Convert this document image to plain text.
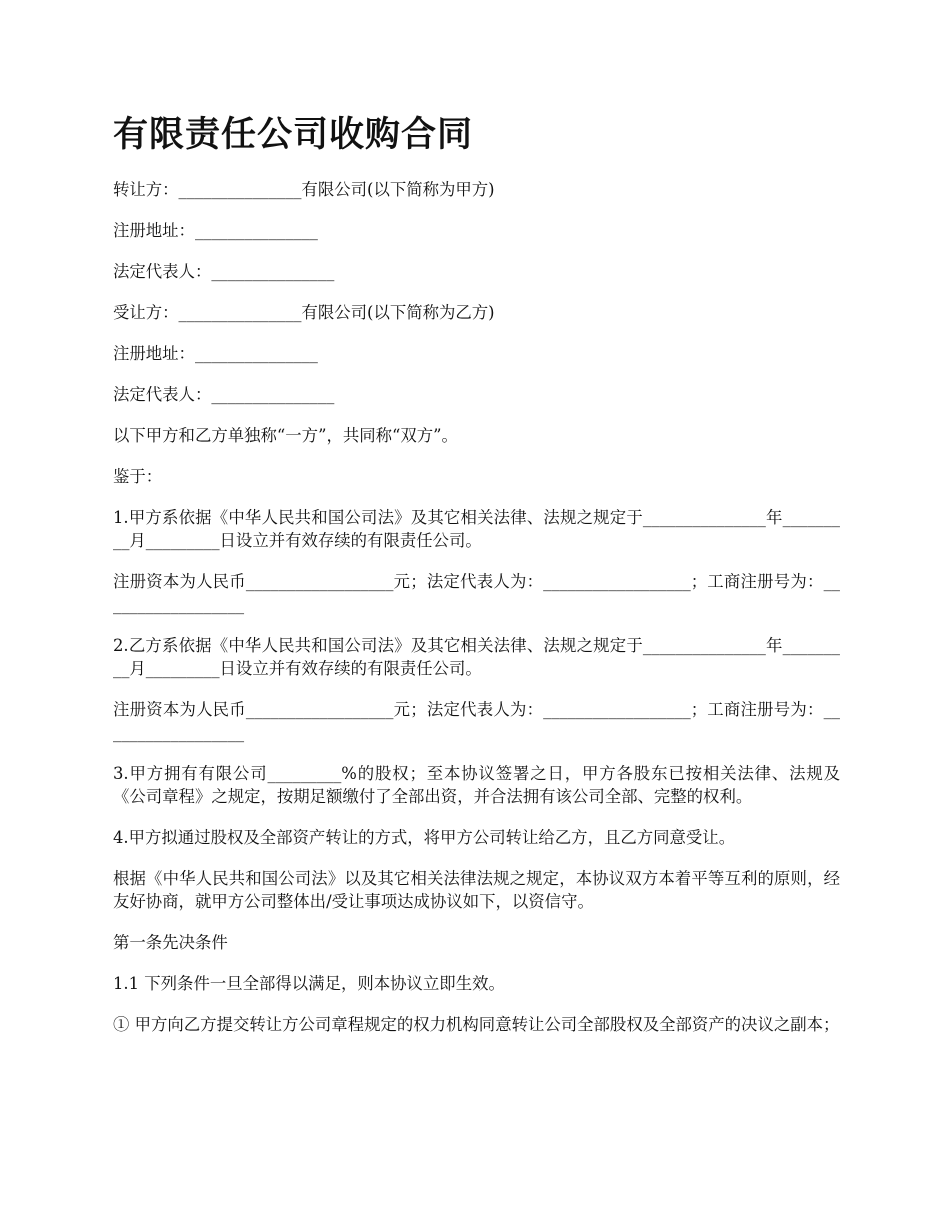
有限责任公司收购合同

转让方：_______________有限公司(以下简称为甲方)

注册地址：_______________

法定代表人：_______________

受让方：_______________有限公司(以下简称为乙方)

注册地址：_______________

法定代表人：_______________

以下甲方和乙方单独称“一方”，共同称“双方”。

鉴于：

1.甲方系依据《中华人民共和国公司法》及其它相关法律、法规之规定于_______________年_________月_________日设立并有效存续的有限责任公司。

注册资本为人民币__________________元；法定代表人为：__________________；工商注册号为：__________________

2.乙方系依据《中华人民共和国公司法》及其它相关法律、法规之规定于_______________年_________月_________日设立并有效存续的有限责任公司。

注册资本为人民币__________________元；法定代表人为：__________________；工商注册号为：__________________

3.甲方拥有有限公司_________%的股权；至本协议签署之日，甲方各股东已按相关法律、法规及《公司章程》之规定，按期足额缴付了全部出资，并合法拥有该公司全部、完整的权利。

4.甲方拟通过股权及全部资产转让的方式，将甲方公司转让给乙方，且乙方同意受让。

根据《中华人民共和国公司法》以及其它相关法律法规之规定，本协议双方本着平等互利的原则，经友好协商，就甲方公司整体出/受让事项达成协议如下，以资信守。

第一条先决条件

1.1 下列条件一旦全部得以满足，则本协议立即生效。

① 甲方向乙方提交转让方公司章程规定的权力机构同意转让公司全部股权及全部资产的决议之副本；
